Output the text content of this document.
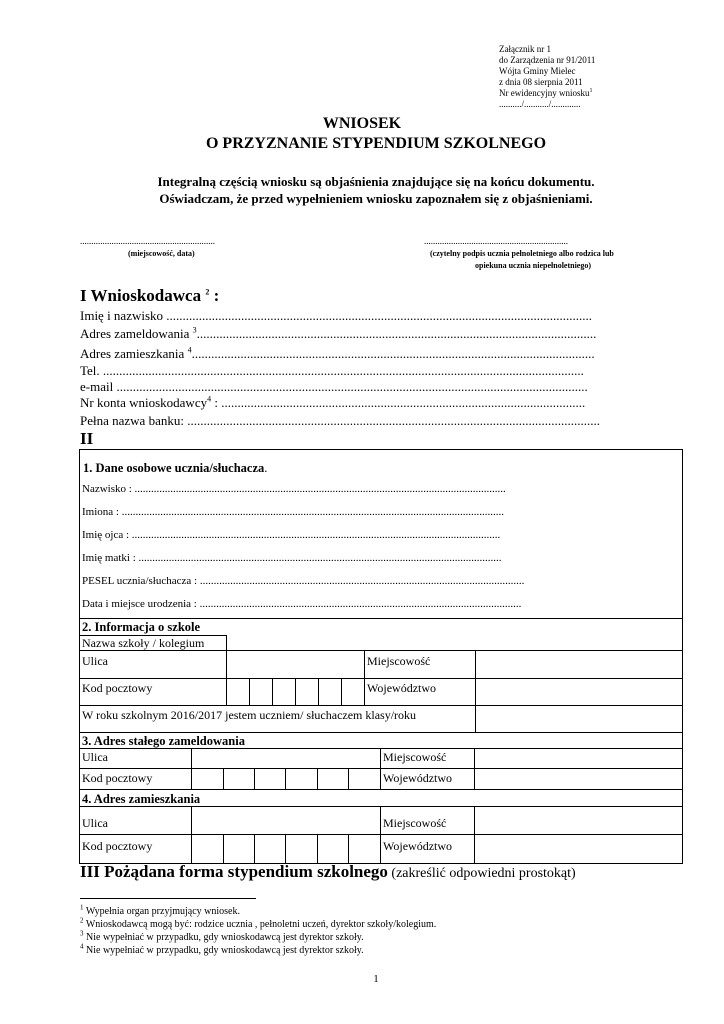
Załącznik nr 1
do Zarządzenia nr 91/2011
Wójta Gminy Mielec
z dnia 08 sierpnia 2011
Nr ewidencyjny wniosku$^1$
........../.........../.............
WNIOSEK
O PRZYZNANIE STYPENDIUM SZKOLNEGO
Integralną częścią wniosku są objaśnienia znajdujące się na końcu dokumentu.
Oświadczam, że przed wypełnieniem wniosku zapoznałem się z objaśnieniami.
............................................................
(miejscowość, data)
................................................................
(czytelny podpis ucznia pełnoletniego albo rodzica lub
opiekuna ucznia niepełnoletniego)
I Wnioskodawca $^2$ :
Imię i nazwisko ...................................................................................................................................
Adres zameldowania $^3$...........................................................................................................................
Adres zamieszkania $^4$............................................................................................................................
Tel. ....................................................................................................................................................
e-mail .................................................................................................................................................
Nr konta wnioskodawcy$^4$ : ................................................................................................................
Pełna nazwa banku: ...............................................................................................................................
II
1. Dane osobowe ucznia/słuchacza.
Nazwisko : .......................................................................................................................................
Imiona : ...........................................................................................................................................
Imię ojca : ......................................................................................................................................
Imię matki : ....................................................................................................................................
PESEL ucznia/słuchacza : ......................................................................................................................
Data i miejsce urodzenia : .....................................................................................................................
2. Informacja o szkole
Nazwa szkoły / kolegium
Ulica	Miejscowość
Kod pocztowy	Województwo
W roku szkolnym 2016/2017 jestem uczniem/ słuchaczem klasy/roku
3. Adres stałego zameldowania
Ulica	Miejscowość
Kod pocztowy	Województwo
4. Adres zamieszkania
Ulica	Miejscowość
Kod pocztowy	Województwo
III Pożądana forma stypendium szkolnego (zakreślić odpowiedni prostokąt)
$^1$ Wypełnia organ przyjmujący wniosek.
$^2$ Wnioskodawcą mogą być: rodzice ucznia , pełnoletni uczeń, dyrektor szkoły/kolegium.
$^3$ Nie wypełniać w przypadku, gdy wnioskodawcą jest dyrektor szkoły.
$^4$ Nie wypełniać w przypadku, gdy wnioskodawcą jest dyrektor szkoły.
1
